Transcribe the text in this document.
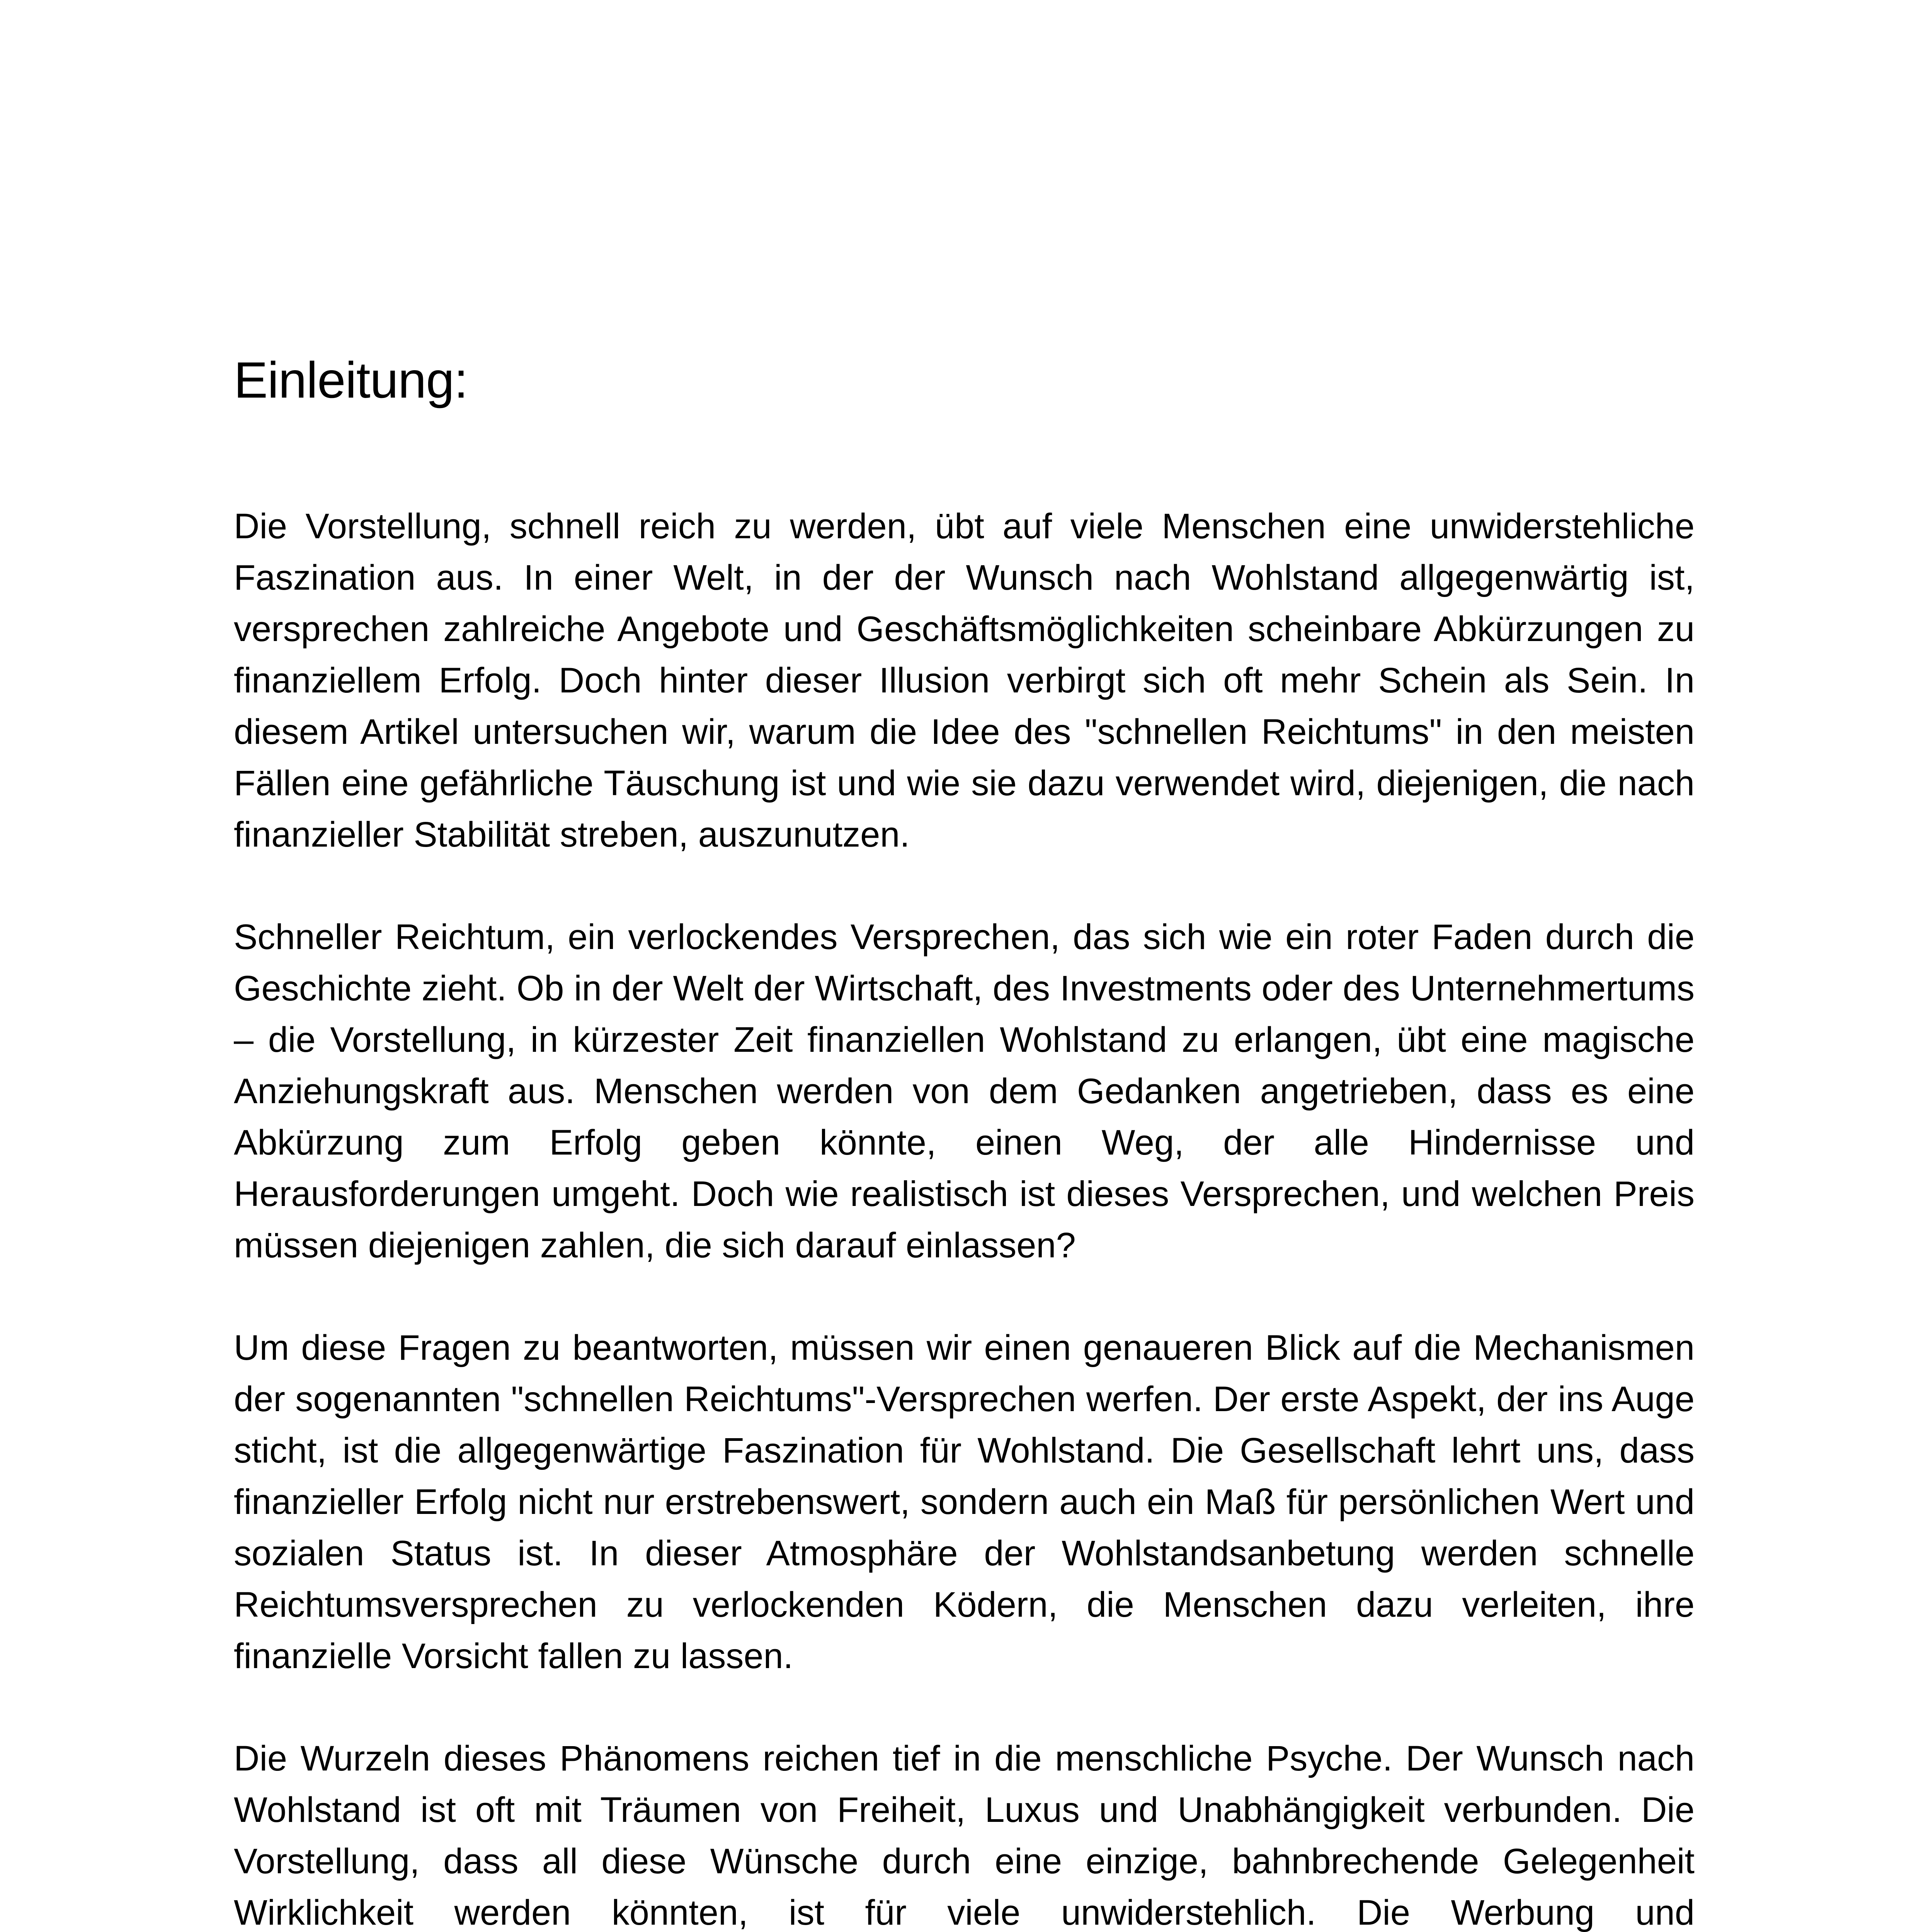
Einleitung:

Die Vorstellung, schnell reich zu werden, übt auf viele Menschen eine unwiderstehliche Faszination aus. In einer Welt, in der der Wunsch nach Wohlstand allgegenwärtig ist, versprechen zahlreiche Angebote und Geschäftsmöglichkeiten scheinbare Abkürzungen zu finanziellem Erfolg. Doch hinter dieser Illusion verbirgt sich oft mehr Schein als Sein. In diesem Artikel untersuchen wir, warum die Idee des "schnellen Reichtums" in den meisten Fällen eine gefährliche Täuschung ist und wie sie dazu verwendet wird, diejenigen, die nach finanzieller Stabilität streben, auszunutzen.

Schneller Reichtum, ein verlockendes Versprechen, das sich wie ein roter Faden durch die Geschichte zieht. Ob in der Welt der Wirtschaft, des Investments oder des Unternehmertums – die Vorstellung, in kürzester Zeit finanziellen Wohlstand zu erlangen, übt eine magische Anziehungskraft aus. Menschen werden von dem Gedanken angetrieben, dass es eine Abkürzung zum Erfolg geben könnte, einen Weg, der alle Hindernisse und Herausforderungen umgeht. Doch wie realistisch ist dieses Versprechen, und welchen Preis müssen diejenigen zahlen, die sich darauf einlassen?

Um diese Fragen zu beantworten, müssen wir einen genaueren Blick auf die Mechanismen der sogenannten "schnellen Reichtums"-Versprechen werfen. Der erste Aspekt, der ins Auge sticht, ist die allgegenwärtige Faszination für Wohlstand. Die Gesellschaft lehrt uns, dass finanzieller Erfolg nicht nur erstrebenswert, sondern auch ein Maß für persönlichen Wert und sozialen Status ist. In dieser Atmosphäre der Wohlstandsanbetung werden schnelle Reichtumsversprechen zu verlockenden Ködern, die Menschen dazu verleiten, ihre finanzielle Vorsicht fallen zu lassen.

Die Wurzeln dieses Phänomens reichen tief in die menschliche Psyche. Der Wunsch nach Wohlstand ist oft mit Träumen von Freiheit, Luxus und Unabhängigkeit verbunden. Die Vorstellung, dass all diese Wünsche durch eine einzige, bahnbrechende Gelegenheit Wirklichkeit werden könnten, ist für viele unwiderstehlich. Die Werbung und
